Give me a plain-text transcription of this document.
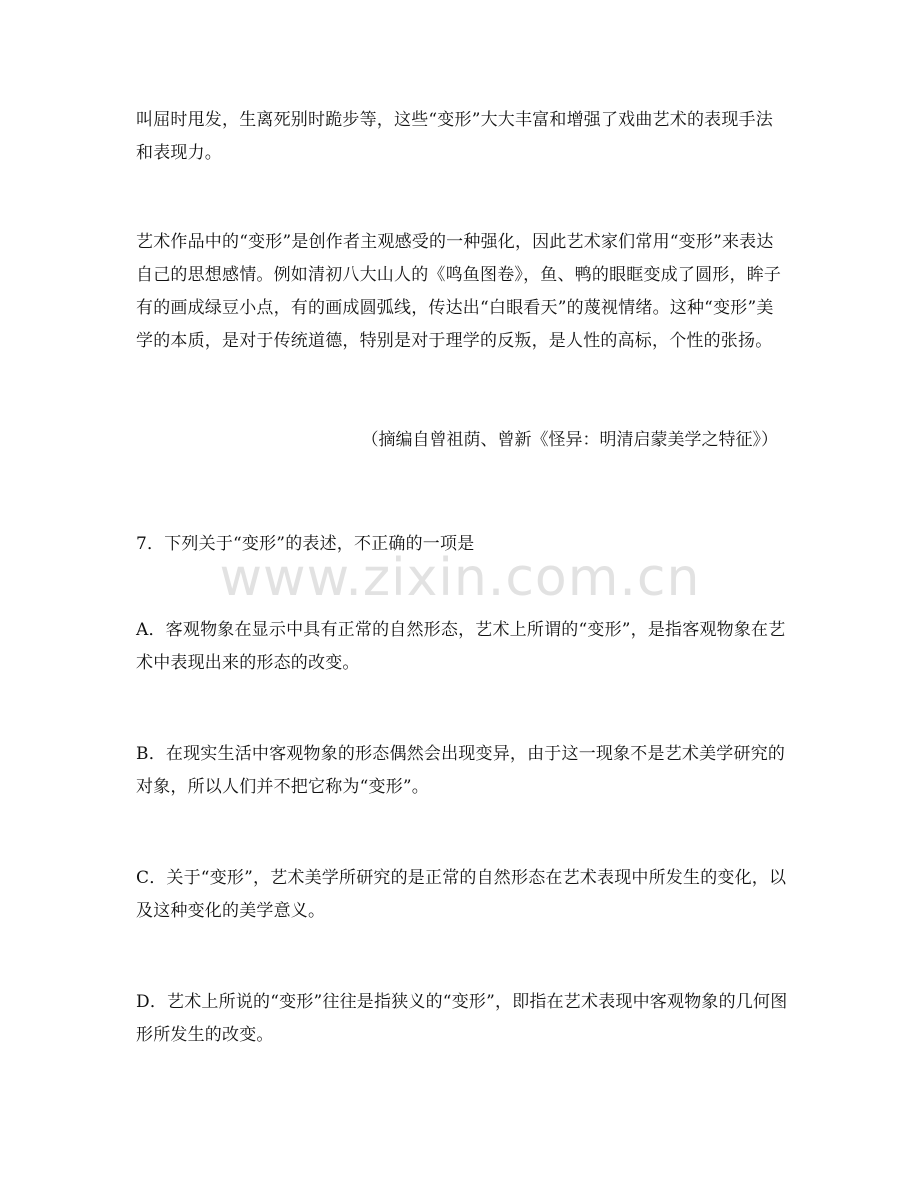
叫屈时甩发，生离死别时跪步等，这些“变形”大大丰富和增强了戏曲艺术的表现手法和表现力。

艺术作品中的“变形”是创作者主观感受的一种强化，因此艺术家们常用“变形”来表达自己的思想感情。例如清初八大山人的《鸣鱼图卷》，鱼、鸭的眼眶变成了圆形，眸子有的画成绿豆小点，有的画成圆弧线，传达出“白眼看天”的蔑视情绪。这种“变形”美学的本质，是对于传统道德，特别是对于理学的反叛，是人性的高标，个性的张扬。

（摘编自曾祖荫、曾新《怪异：明清启蒙美学之特征》）

7．下列关于“变形”的表述，不正确的一项是

www.zixin.com.cn

A．客观物象在显示中具有正常的自然形态，艺术上所谓的“变形”，是指客观物象在艺术中表现出来的形态的改变。

B．在现实生活中客观物象的形态偶然会出现变异，由于这一现象不是艺术美学研究的对象，所以人们并不把它称为“变形”。

C．关于“变形”，艺术美学所研究的是正常的自然形态在艺术表现中所发生的变化，以及这种变化的美学意义。

D．艺术上所说的“变形”往往是指狭义的“变形”，即指在艺术表现中客观物象的几何图形所发生的改变。
